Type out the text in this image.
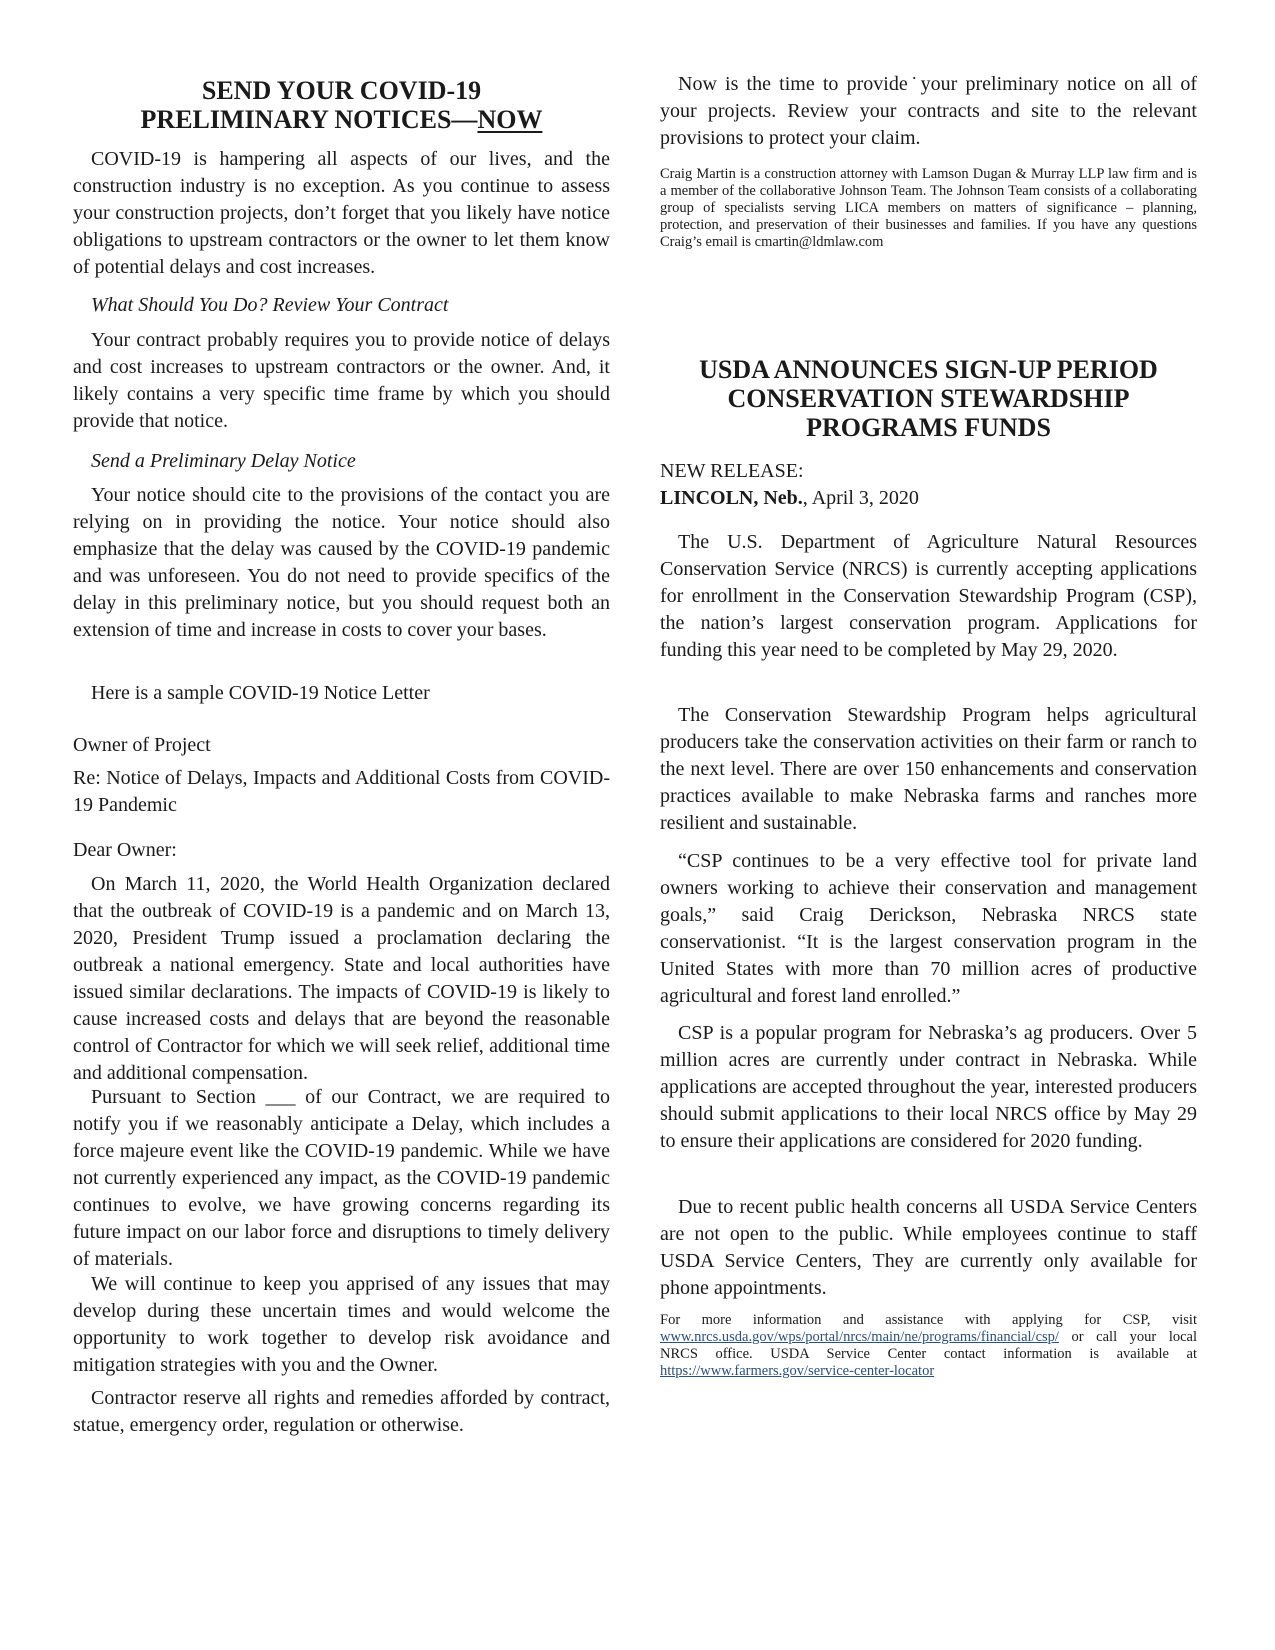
SEND YOUR COVID-19
PRELIMINARY NOTICES—NOW

COVID-19 is hampering all aspects of our lives, and the construction industry is no exception. As you continue to assess your construction projects, don’t forget that you likely have notice obligations to upstream contractors or the owner to let them know of potential delays and cost increases.

What Should You Do? Review Your Contract

Your contract probably requires you to provide notice of delays and cost increases to upstream contractors or the owner. And, it likely contains a very specific time frame by which you should provide that notice.

Send a Preliminary Delay Notice

Your notice should cite to the provisions of the contact you are relying on in providing the notice. Your notice should also emphasize that the delay was caused by the COVID-19 pandemic and was unforeseen. You do not need to provide specifics of the delay in this preliminary notice, but you should request both an extension of time and increase in costs to cover your bases.

Here is a sample COVID-19 Notice Letter

Owner of Project

Re: Notice of Delays, Impacts and Additional Costs from COVID-19 Pandemic

Dear Owner:

On March 11, 2020, the World Health Organization declared that the outbreak of COVID-19 is a pandemic and on March 13, 2020, President Trump issued a proclamation declaring the outbreak a national emergency. State and local authorities have issued similar declarations. The impacts of COVID-19 is likely to cause increased costs and delays that are beyond the reasonable control of Contractor for which we will seek relief, additional time and additional compensation.

Pursuant to Section ___ of our Contract, we are required to notify you if we reasonably anticipate a Delay, which includes a force majeure event like the COVID-19 pandemic. While we have not currently experienced any impact, as the COVID-19 pandemic continues to evolve, we have growing concerns regarding its future impact on our labor force and disruptions to timely delivery of materials.

We will continue to keep you apprised of any issues that may develop during these uncertain times and would welcome the opportunity to work together to develop risk avoidance and mitigation strategies with you and the Owner.

Contractor reserve all rights and remedies afforded by contract, statue, emergency order, regulation or otherwise.

Now is the time to provide˙your preliminary notice on all of your projects. Review your contracts and site to the relevant provisions to protect your claim.

Craig Martin is a construction attorney with Lamson Dugan & Murray LLP law firm and is a member of the collaborative Johnson Team. The Johnson Team consists of a collaborating group of specialists serving LICA members on matters of significance – planning, protection, and preservation of their businesses and families. If you have any questions Craig’s email is cmartin@ldmlaw.com

USDA ANNOUNCES SIGN-UP PERIOD
CONSERVATION STEWARDSHIP
PROGRAMS FUNDS

NEW RELEASE:

LINCOLN, Neb., April 3, 2020

The U.S. Department of Agriculture Natural Resources Conservation Service (NRCS) is currently accepting applications for enrollment in the Conservation Stewardship Program (CSP), the nation’s largest conservation program. Applications for funding this year need to be completed by May 29, 2020.

The Conservation Stewardship Program helps agricultural producers take the conservation activities on their farm or ranch to the next level. There are over 150 enhancements and conservation practices available to make Nebraska farms and ranches more resilient and sustainable.

“CSP continues to be a very effective tool for private land owners working to achieve their conservation and management goals,” said Craig Derickson, Nebraska NRCS state conservationist. “It is the largest conservation program in the United States with more than 70 million acres of productive agricultural and forest land enrolled.”

CSP is a popular program for Nebraska’s ag producers. Over 5 million acres are currently under contract in Nebraska. While applications are accepted throughout the year, interested producers should submit applications to their local NRCS office by May 29 to ensure their applications are considered for 2020 funding.

Due to recent public health concerns all USDA Service Centers are not open to the public. While employees continue to staff USDA Service Centers, They are currently only available for phone appointments.

For more information and assistance with applying for CSP, visit www.nrcs.usda.gov/wps/portal/nrcs/main/ne/programs/financial/csp/ or call your local NRCS office. USDA Service Center contact information is available at https://www.farmers.gov/service-center-locator
